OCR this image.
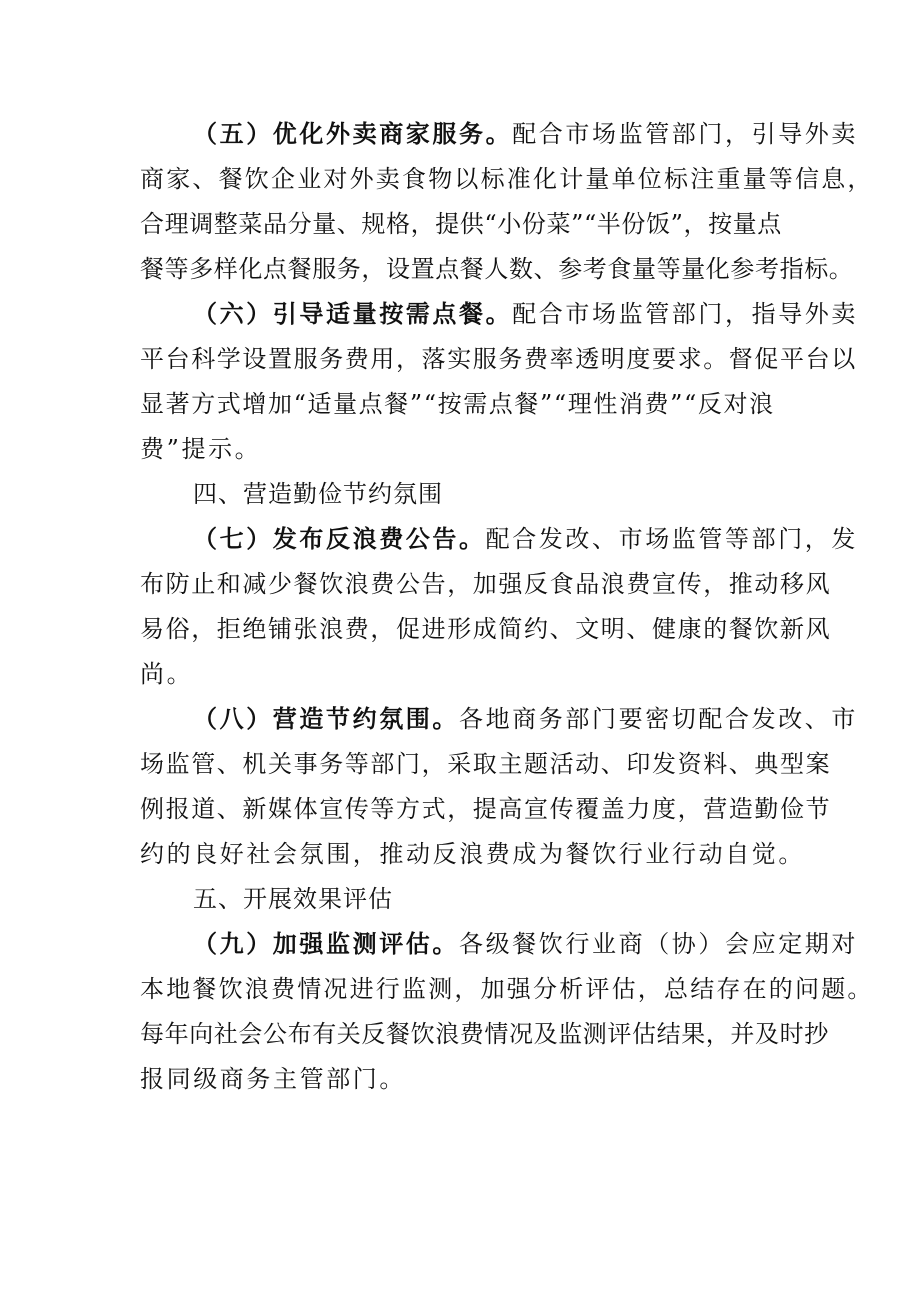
（五）优化外卖商家服务。配合市场监管部门，引导外卖
商家、餐饮企业对外卖食物以标准化计量单位标注重量等信息，
合理调整菜品分量、规格，提供“小份菜”“半份饭”，按量点
餐等多样化点餐服务，设置点餐人数、参考食量等量化参考指标。
（六）引导适量按需点餐。配合市场监管部门，指导外卖
平台科学设置服务费用，落实服务费率透明度要求。督促平台以
显著方式增加“适量点餐”“按需点餐”“理性消费”“反对浪
费”提示。
四、营造勤俭节约氛围
（七）发布反浪费公告。配合发改、市场监管等部门，发
布防止和减少餐饮浪费公告，加强反食品浪费宣传，推动移风
易俗，拒绝铺张浪费，促进形成简约、文明、健康的餐饮新风
尚。
（八）营造节约氛围。各地商务部门要密切配合发改、市
场监管、机关事务等部门，采取主题活动、印发资料、典型案
例报道、新媒体宣传等方式，提高宣传覆盖力度，营造勤俭节
约的良好社会氛围，推动反浪费成为餐饮行业行动自觉。
五、开展效果评估
（九）加强监测评估。各级餐饮行业商（协）会应定期对
本地餐饮浪费情况进行监测，加强分析评估，总结存在的问题。
每年向社会公布有关反餐饮浪费情况及监测评估结果，并及时抄
报同级商务主管部门。
